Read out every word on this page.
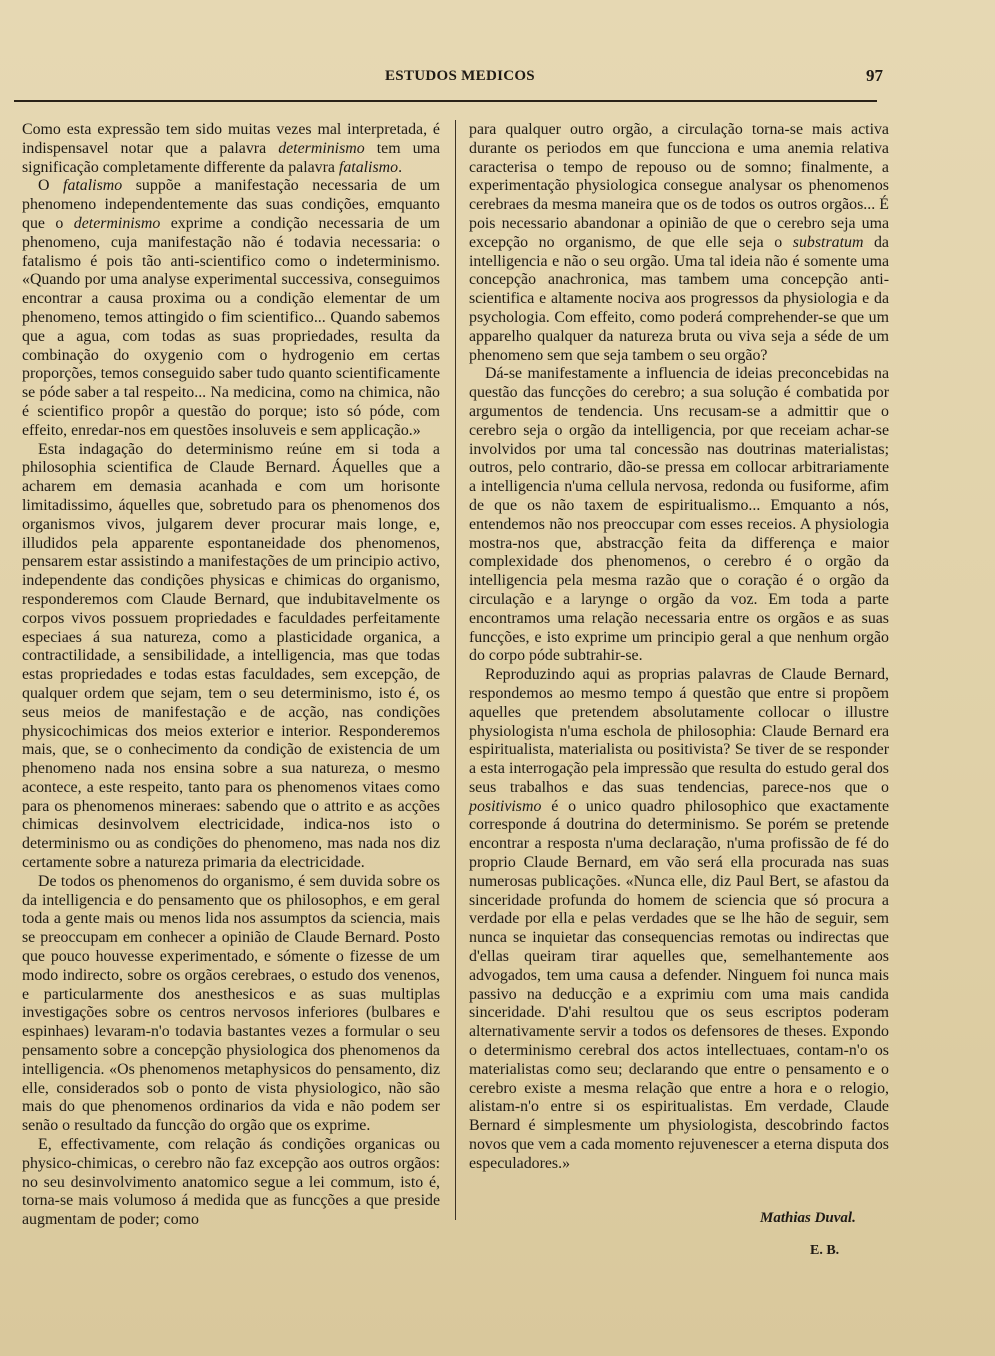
ESTUDOS MEDICOS	97

Como esta expressão tem sido muitas vezes mal interpretada, é indispensavel notar que a palavra determinismo tem uma significação completamente differente da palavra fatalismo.

O fatalismo suppõe a manifestação necessaria de um phenomeno independentemente das suas condições, emquanto que o determinismo exprime a condição necessaria de um phenomeno, cuja manifestação não é todavia necessaria: o fatalismo é pois tão anti-scientifico como o indeterminismo. «Quando por uma analyse experimental successiva, conseguimos encontrar a causa proxima ou a condição elementar de um phenomeno, temos attingido o fim scientifico... Quando sabemos que a agua, com todas as suas propriedades, resulta da combinação do oxygenio com o hydrogenio em certas proporções, temos conseguido saber tudo quanto scientificamente se póde saber a tal respeito... Na medicina, como na chimica, não é scientifico propôr a questão do porque; isto só póde, com effeito, enredar-nos em questões insoluveis e sem applicação.»

Esta indagação do determinismo reúne em si toda a philosophia scientifica de Claude Bernard. Áquelles que a acharem em demasia acanhada e com um horisonte limitadissimo, áquelles que, sobretudo para os phenomenos dos organismos vivos, julgarem dever procurar mais longe, e, illudidos pela apparente espontaneidade dos phenomenos, pensarem estar assistindo a manifestações de um principio activo, independente das condições physicas e chimicas do organismo, responderemos com Claude Bernard, que indubitavelmente os corpos vivos possuem propriedades e faculdades perfeitamente especiaes á sua natureza, como a plasticidade organica, a contractilidade, a sensibilidade, a intelligencia, mas que todas estas propriedades e todas estas faculdades, sem excepção, de qualquer ordem que sejam, tem o seu determinismo, isto é, os seus meios de manifestação e de acção, nas condições physicochimicas dos meios exterior e interior. Responderemos mais, que, se o conhecimento da condição de existencia de um phenomeno nada nos ensina sobre a sua natureza, o mesmo acontece, a este respeito, tanto para os phenomenos vitaes como para os phenomenos mineraes: sabendo que o attrito e as acções chimicas desinvolvem electricidade, indica-nos isto o determinismo ou as condições do phenomeno, mas nada nos diz certamente sobre a natureza primaria da electricidade.

De todos os phenomenos do organismo, é sem duvida sobre os da intelligencia e do pensamento que os philosophos, e em geral toda a gente mais ou menos lida nos assumptos da sciencia, mais se preoccupam em conhecer a opinião de Claude Bernard. Posto que pouco houvesse experimentado, e sómente o fizesse de um modo indirecto, sobre os orgãos cerebraes, o estudo dos venenos, e particularmente dos anesthesicos e as suas multiplas investigações sobre os centros nervosos inferiores (bulbares e espinhaes) levaram-n'o todavia bastantes vezes a formular o seu pensamento sobre a concepção physiologica dos phenomenos da intelligencia. «Os phenomenos metaphysicos do pensamento, diz elle, considerados sob o ponto de vista physiologico, não são mais do que phenomenos ordinarios da vida e não podem ser senão o resultado da funcção do orgão que os exprime.

E, effectivamente, com relação ás condições organicas ou physico-chimicas, o cerebro não faz excepção aos outros orgãos: no seu desinvolvimento anatomico segue a lei commum, isto é, torna-se mais volumoso á medida que as funcções a que preside augmentam de poder; como

para qualquer outro orgão, a circulação torna-se mais activa durante os periodos em que funcciona e uma anemia relativa caracterisa o tempo de repouso ou de somno; finalmente, a experimentação physiologica consegue analysar os phenomenos cerebraes da mesma maneira que os de todos os outros orgãos... É pois necessario abandonar a opinião de que o cerebro seja uma excepção no organismo, de que elle seja o substratum da intelligencia e não o seu orgão. Uma tal ideia não é somente uma concepção anachronica, mas tambem uma concepção anti-scientifica e altamente nociva aos progressos da physiologia e da psychologia. Com effeito, como poderá comprehender-se que um apparelho qualquer da natureza bruta ou viva seja a séde de um phenomeno sem que seja tambem o seu orgão?

Dá-se manifestamente a influencia de ideias preconcebidas na questão das funcções do cerebro; a sua solução é combatida por argumentos de tendencia. Uns recusam-se a admittir que o cerebro seja o orgão da intelligencia, por que receiam achar-se involvidos por uma tal concessão nas doutrinas materialistas; outros, pelo contrario, dão-se pressa em collocar arbitrariamente a intelligencia n'uma cellula nervosa, redonda ou fusiforme, afim de que os não taxem de espiritualismo... Emquanto a nós, entendemos não nos preoccupar com esses receios. A physiologia mostra-nos que, abstracção feita da differença e maior complexidade dos phenomenos, o cerebro é o orgão da intelligencia pela mesma razão que o coração é o orgão da circulação e a larynge o orgão da voz. Em toda a parte encontramos uma relação necessaria entre os orgãos e as suas funcções, e isto exprime um principio geral a que nenhum orgão do corpo póde subtrahir-se.

Reproduzindo aqui as proprias palavras de Claude Bernard, respondemos ao mesmo tempo á questão que entre si propõem aquelles que pretendem absolutamente collocar o illustre physiologista n'uma escholа de philosophia: Claude Bernard era espiritualista, materialista ou positivista? Se tiver de se responder a esta interrogação pela impressão que resulta do estudo geral dos seus trabalhos e das suas tendencias, parece-nos que o positivismo é o unico quadro philosophico que exactamente corresponde á doutrina do determinismo. Se porém se pretende encontrar a resposta n'uma declaração, n'uma profissão de fé do proprio Claude Bernard, em vão será ella procurada nas suas numerosas publicações. «Nunca elle, diz Paul Bert, se afastou da sinceridade profunda do homem de sciencia que só procura a verdade por ella e pelas verdades que se lhe hão de seguir, sem nunca se inquietar das consequencias remotas ou indirectas que d'ellas queiram tirar aquelles que, semelhantemente aos advogados, tem uma causa a defender. Ninguem foi nunca mais passivo na deducção e a exprimiu com uma mais candida sinceridade. D'ahi resultou que os seus escriptos poderam alternativamente servir a todos os defensores de theses. Expondo o determinismo cerebral dos actos intellectuaes, contam-n'o os materialistas como seu; declarando que entre o pensamento e o cerebro existe a mesma relação que entre a hora e o relogio, alistam-n'o entre si os espiritualistas. Em verdade, Claude Bernard é simplesmente um physiologista, descobrindo factos novos que vem a cada momento rejuvenescer a eterna disputa dos especuladores.»

Mathias Duval.
E. B.
